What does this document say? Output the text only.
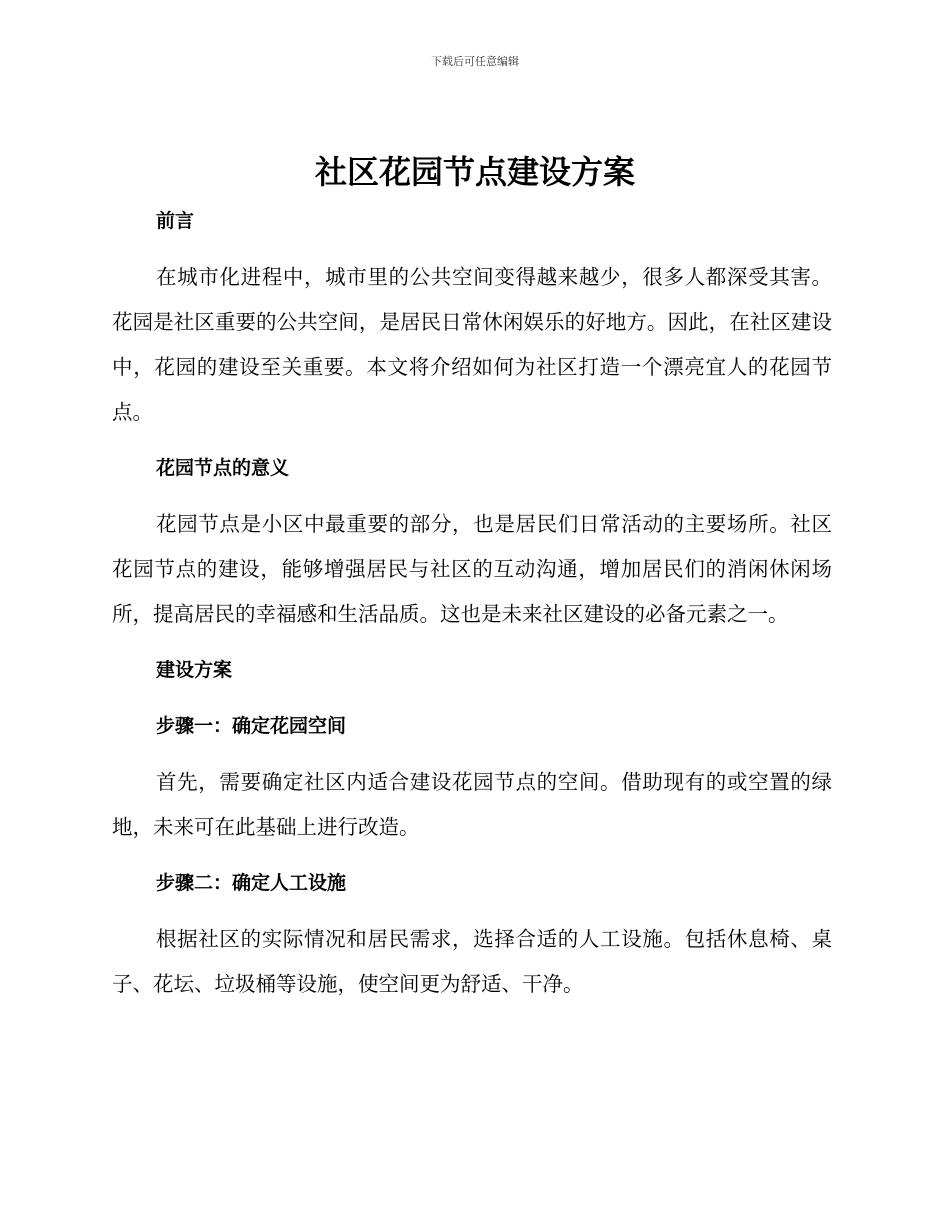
下载后可任意编辑
社区花园节点建设方案
前言
在城市化进程中，城市里的公共空间变得越来越少，很多人都深受其害。花园是社区重要的公共空间，是居民日常休闲娱乐的好地方。因此，在社区建设中，花园的建设至关重要。本文将介绍如何为社区打造一个漂亮宜人的花园节点。
花园节点的意义
花园节点是小区中最重要的部分，也是居民们日常活动的主要场所。社区花园节点的建设，能够增强居民与社区的互动沟通，增加居民们的消闲休闲场所，提高居民的幸福感和生活品质。这也是未来社区建设的必备元素之一。
建设方案
步骤一：确定花园空间
首先，需要确定社区内适合建设花园节点的空间。借助现有的或空置的绿地，未来可在此基础上进行改造。
步骤二：确定人工设施
根据社区的实际情况和居民需求，选择合适的人工设施。包括休息椅、桌子、花坛、垃圾桶等设施，使空间更为舒适、干净。
